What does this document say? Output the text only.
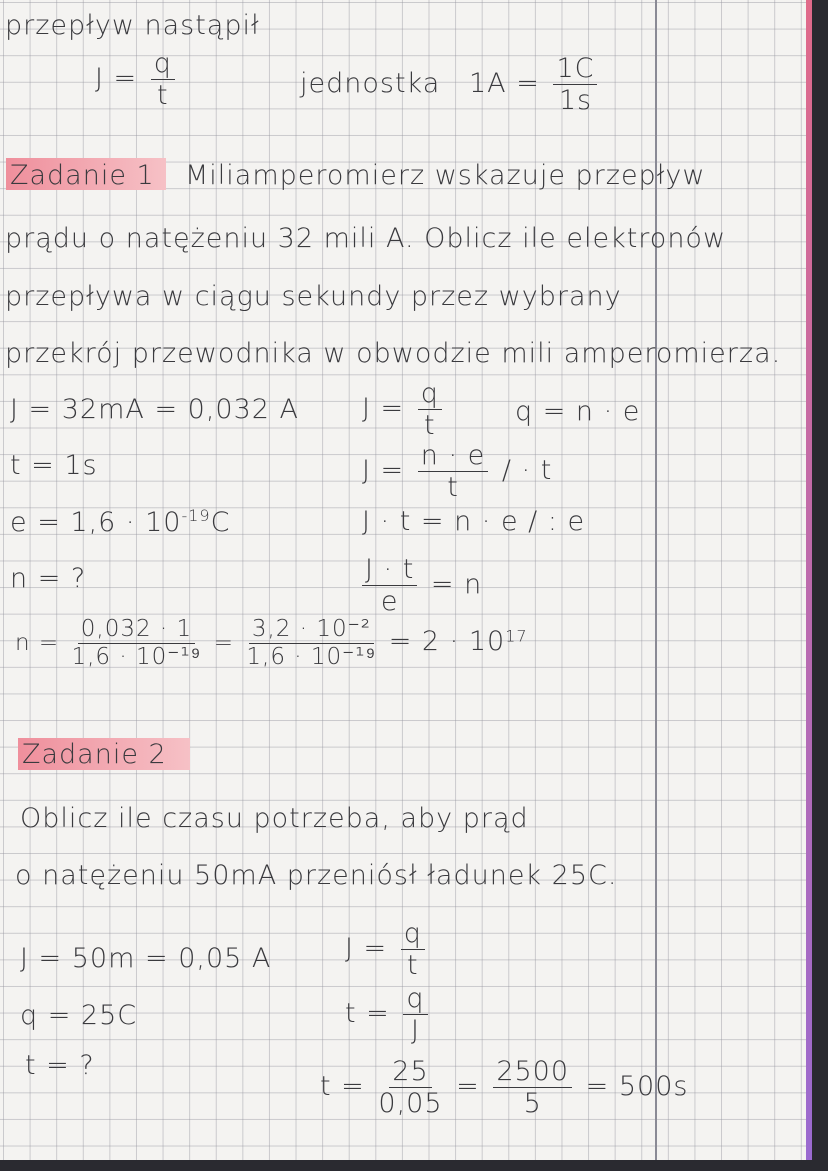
przepływ nastąpił
$J = \frac{q}{t}$	jednostka $1A = \frac{1C}{1s}$
Zadanie 1 Miliamperomierz wskazuje przepływ
prądu o natężeniu 32 mili A. Oblicz ile elektronów
przepływa w ciągu sekundy przez wybrany
przekrój przewodnika w obwodzie mili amperomierza.
J = 32mA = 0,032 A
t = 1s
$e = 1,6 \cdot 10^{-19}C$
n = ?
$J = \frac{q}{t}$	q = n · e
$J = \frac{n \cdot e}{t}$ / · t
J · t = n · e / : e
$\frac{J \cdot t}{e} = n$
$n = \frac{0,032 \cdot 1}{\text{1,6 · 10⁻¹⁹}} = \frac{\text{3,2 · 10⁻²}}{\text{1,6 · 10⁻¹⁹}} = 2 \cdot 10^{17}$
Zadanie 2
Oblicz ile czasu potrzeba, aby prąd
o natężeniu 50mA przeniósł ładunek 25C.
J = 50m = 0,05 A
q = 25C
t = ?
$J = \frac{q}{t}$
$t = \frac{q}{J}$
$t = \frac{25}{0,05} = \frac{2500}{5} = 500s$
